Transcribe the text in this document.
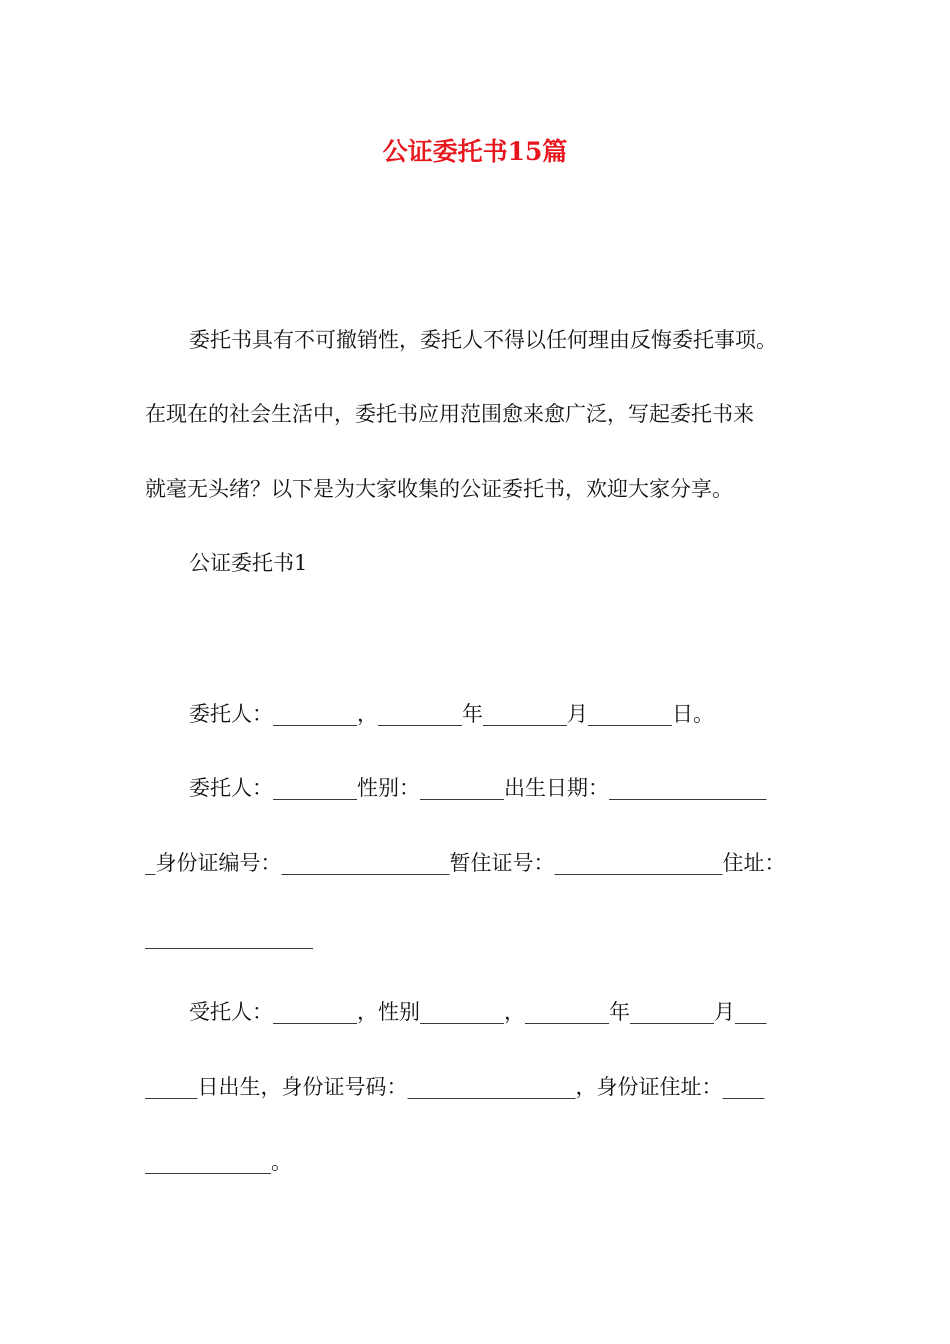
公证委托书15篇
委托书具有不可撤销性，委托人不得以任何理由反悔委托事项。
在现在的社会生活中，委托书应用范围愈来愈广泛，写起委托书来
就毫无头绪？以下是为大家收集的公证委托书，欢迎大家分享。
公证委托书1
委托人：________，________年________月________日。
委托人：________性别：________出生日期：_______________
_身份证编号：________________暂住证号：________________住址：
________________
受托人：________，性别________，________年________月___
_____日出生，身份证号码：________________，身份证住址：____
____________。
